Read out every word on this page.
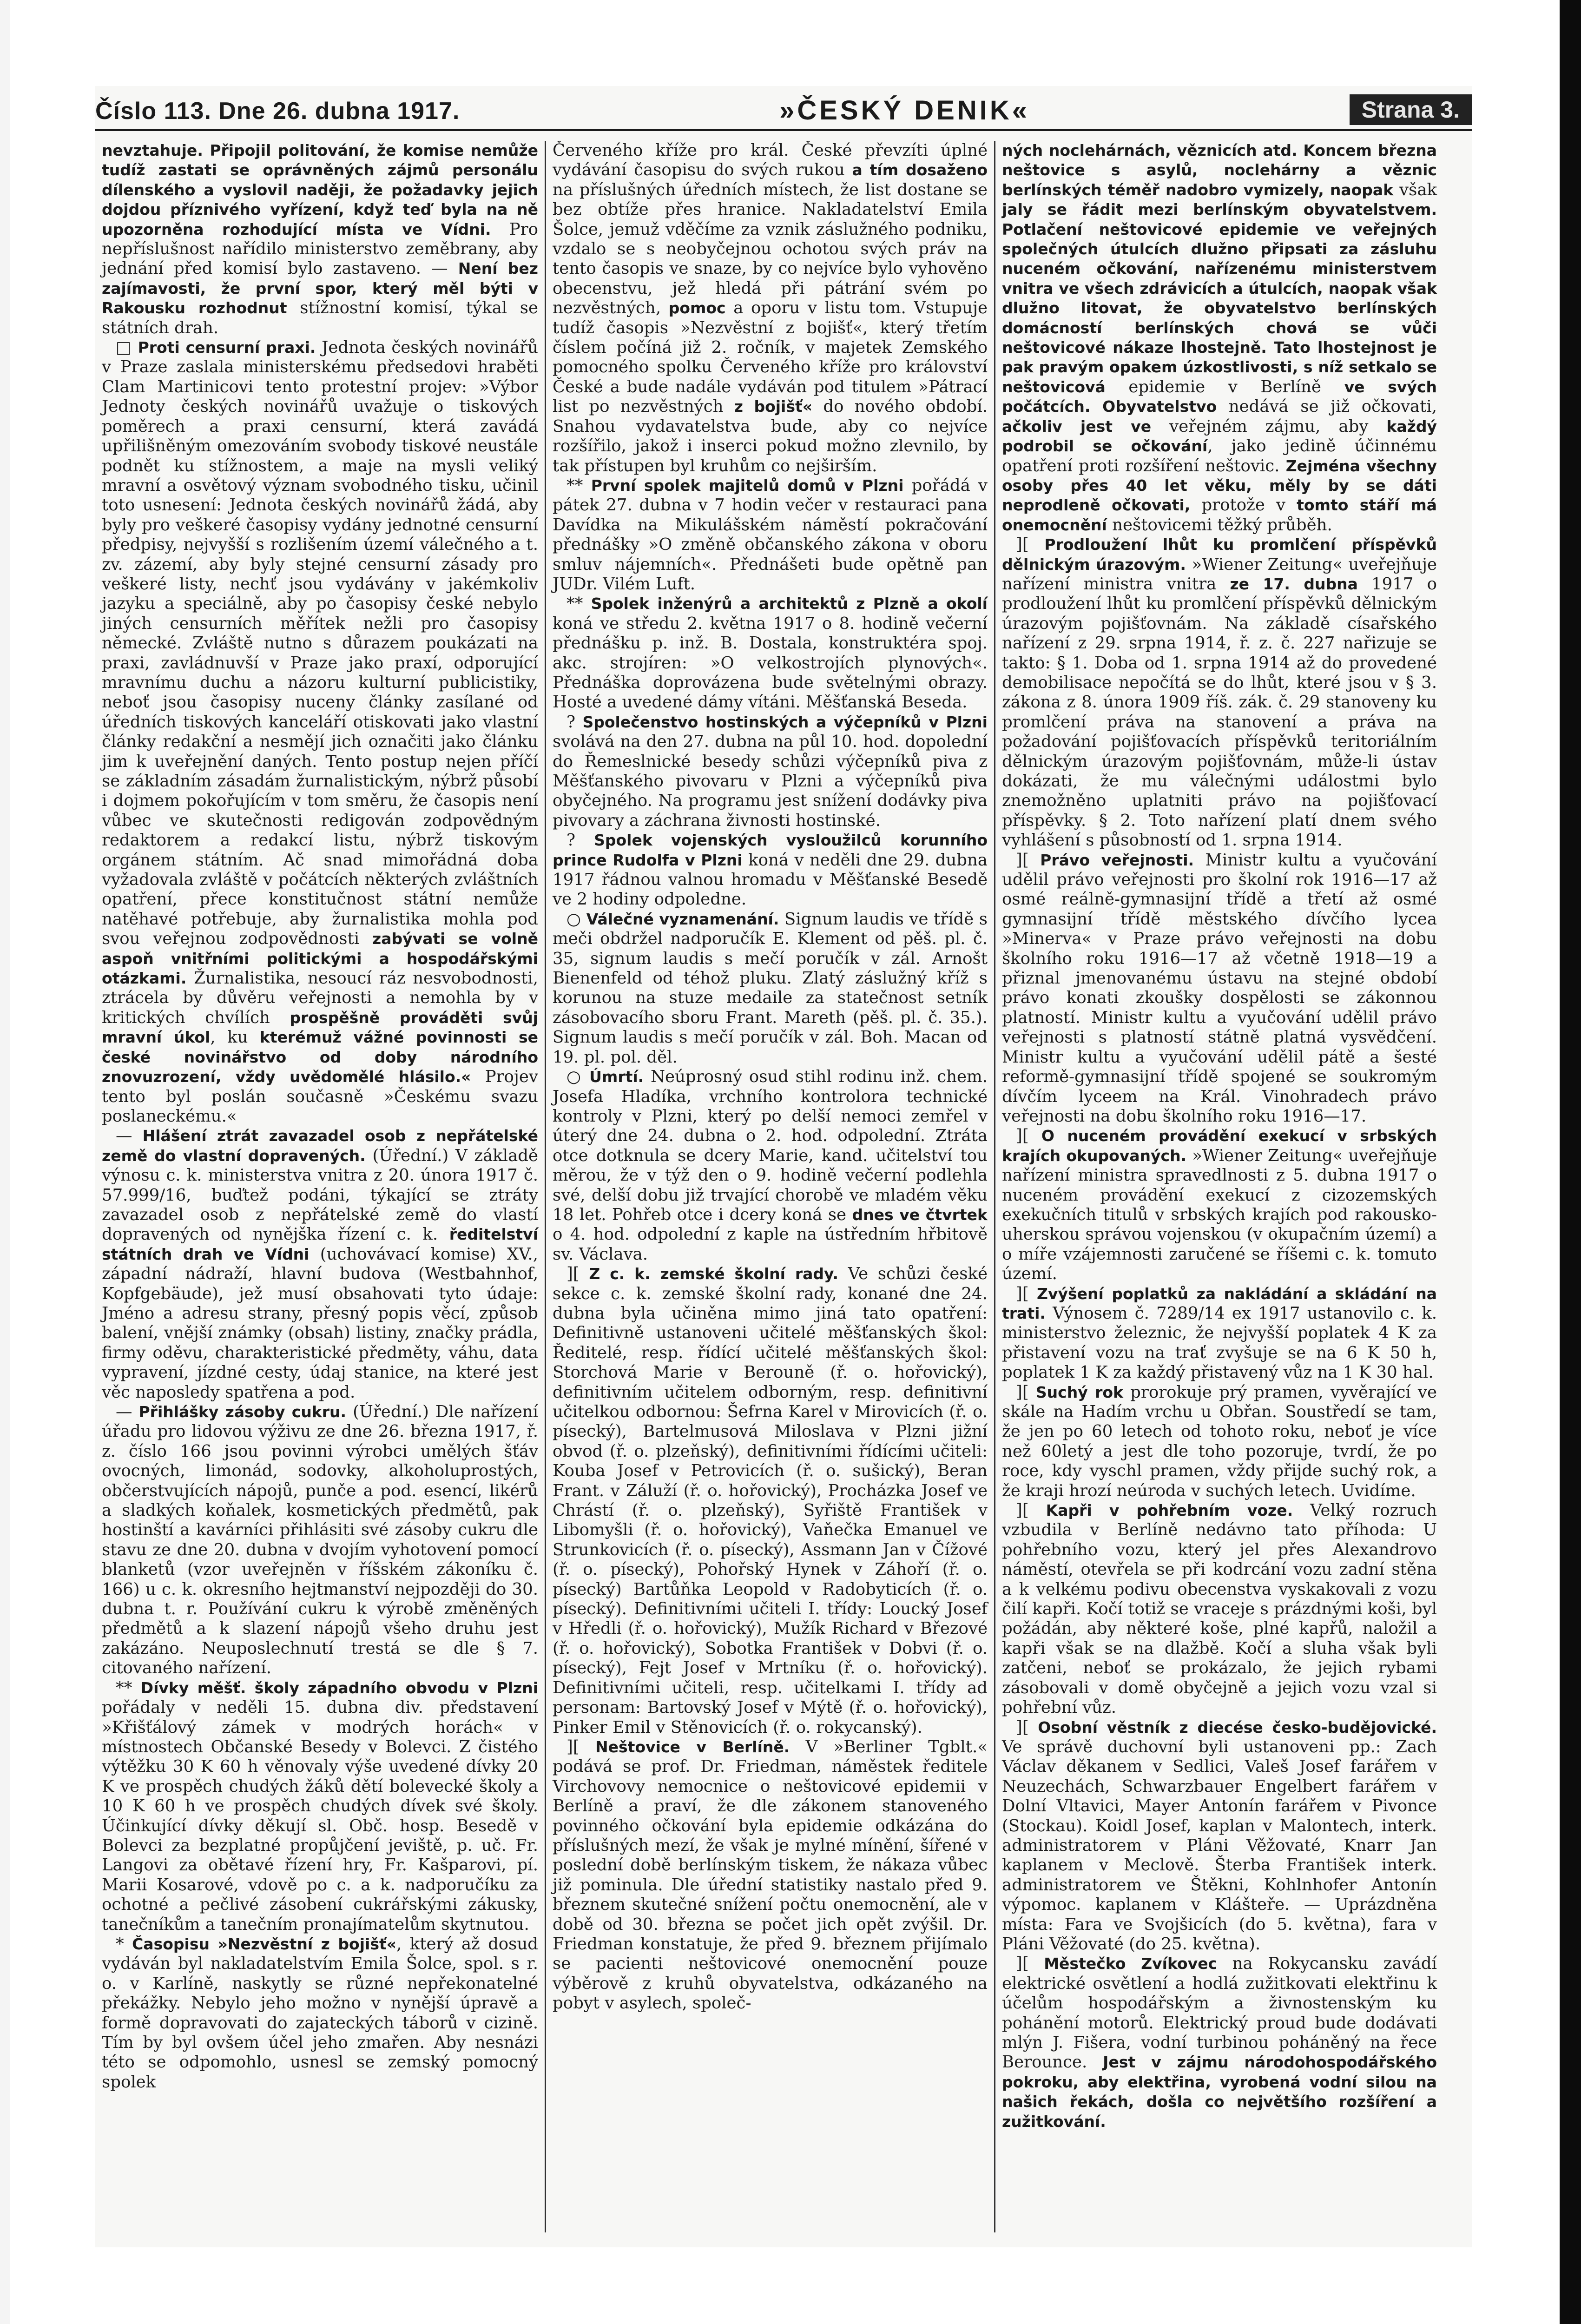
Číslo 113. Dne 26. dubna 1917.	»ČESKÝ DENIK«	Strana 3.

nevztahuje. Připojil politování, že komise nemůže tudíž zastati se oprávněných zájmů personálu dílenského a vyslovil naději, že požadavky jejich dojdou příznivého vyřízení, když teď byla na ně upozorněna rozhodující místa ve Vídni. Pro nepříslušnost nařídilo ministerstvo zeměbrany, aby jednání před komisí bylo zastaveno. — Není bez zajímavosti, že první spor, který měl býti v Rakousku rozhodnut stížnostní komisí, týkal se státních drah.

□ Proti censurní praxi. Jednota českých novinářů v Praze zaslala ministerskému předsedovi hraběti Clam Martinicovi tento protestní projev: »Výbor Jednoty českých novinářů uvažuje o tiskových poměrech a praxi censurní, která zavádá upřilišněným omezováním svobody tiskové neustále podnět ku stížnostem, a maje na mysli veliký mravní a osvětový význam svobodného tisku, učinil toto usnesení: Jednota českých novinářů žádá, aby byly pro veškeré časopisy vydány jednotné censurní předpisy, nejvyšší s rozlišením území válečného a t. zv. zázemí, aby byly stejné censurní zásady pro veškeré listy, nechť jsou vydávány v jakémkoliv jazyku a speciálně, aby po časopisy české nebylo jiných censurních měřítek nežli pro časopisy německé. Zvláště nutno s důrazem poukázati na praxi, zavládnuvší v Praze jako praxí, odporující mravnímu duchu a názoru kulturní publicistiky, neboť jsou časopisy nuceny články zasílané od úředních tiskových kanceláří otiskovati jako vlastní články redakční a nesmějí jich označiti jako článku jim k uveřejnění daných. Tento postup nejen příčí se základním zásadám žurnalistickým, nýbrž působí i dojmem pokořujícím v tom směru, že časopis není vůbec ve skutečnosti redigován zodpovědným redaktorem a redakcí listu, nýbrž tiskovým orgánem státním. Ač snad mimořádná doba vyžadovala zvláště v počátcích některých zvláštních opatření, přece konstitučnost státní nemůže natěhavé potřebuje, aby žurnalistika mohla pod svou veřejnou zodpovědnosti zabývati se volně aspoň vnitřními politickými a hospodářskými otázkami. Žurnalistika, nesoucí ráz nesvobodnosti, ztrácela by důvěru veřejnosti a nemohla by v kritických chvílích prospěšně prováděti svůj mravní úkol, ku kterémuž vážné povinnosti se české novinářstvo od doby národního znovuzrození, vždy uvědomělé hlásilo.« Projev tento byl poslán současně »Českému svazu poslaneckému.«

— Hlášení ztrát zavazadel osob z nepřátelské země do vlastní dopravených. (Úřední.) V základě výnosu c. k. ministerstva vnitra z 20. února 1917 č. 57.999/16, buďtež podáni, týkající se ztráty zavazadel osob z nepřátelské země do vlastí dopravených od nynějška řízení c. k. ředitelství státních drah ve Vídni (uchovávací komise) XV., západní nádraží, hlavní budova (Westbahnhof, Kopfgebäude), jež musí obsahovati tyto údaje: Jméno a adresu strany, přesný popis věcí, způsob balení, vnější známky (obsah) listiny, značky prádla, firmy oděvu, charakteristické předměty, váhu, data vypravení, jízdné cesty, údaj stanice, na které jest věc naposledy spatřena a pod.

— Přihlášky zásoby cukru. (Úřední.) Dle nařízení úřadu pro lidovou výživu ze dne 26. března 1917, ř. z. číslo 166 jsou povinni výrobci umělých šťáv ovocných, limonád, sodovky, alkoholuprostých, občerstvujících nápojů, punče a pod. esencí, likérů a sladkých koňalek, kosmetických předmětů, pak hostinští a kavárníci přihlásiti své zásoby cukru dle stavu ze dne 20. dubna v dvojím vyhotovení pomocí blanketů (vzor uveřejněn v říšském zákoníku č. 166) u c. k. okresního hejtmanství nejpozději do 30. dubna t. r. Používání cukru k výrobě změněných předmětů a k slazení nápojů všeho druhu jest zakázáno. Neuposlechnutí trestá se dle § 7. citovaného nařízení.

** Dívky měšť. školy západního obvodu v Plzni pořádaly v neděli 15. dubna div. představení »Křišťálový zámek v modrých horách« v místnostech Občanské Besedy v Bolevci. Z čistého výtěžku 30 K 60 h věnovaly výše uvedené dívky 20 K ve prospěch chudých žáků dětí bolevecké školy a 10 K 60 h ve prospěch chudých dívek své školy. Účinkující dívky děkují sl. Obč. hosp. Besedě v Bolevci za bezplatné propůjčení jeviště, p. uč. Fr. Langovi za obětavé řízení hry, Fr. Kašparovi, pí. Marii Kosarové, vdově po c. a k. nadporučíku za ochotné a pečlivé zásobení cukrářskými zákusky, tanečníkům a tanečním pronajímatelům skytnutou.

* Časopisu »Nezvěstní z bojišť«, který až dosud vydáván byl nakladatelstvím Emila Šolce, spol. s r. o. v Karlíně, naskytly se různé nepřekonatelné překážky. Nebylo jeho možno v nynější úpravě a formě dopravovati do zajateckých táborů v cizině. Tím by byl ovšem účel jeho zmařen. Aby nesnázi této se odpomohlo, usnesl se zemský pomocný spolek

Červeného kříže pro král. České převzíti úplné vydávání časopisu do svých rukou a tím dosaženo na příslušných úředních místech, že list dostane se bez obtíže přes hranice. Nakladatelství Emila Šolce, jemuž vděčíme za vznik záslužného podniku, vzdalo se s neobyčejnou ochotou svých práv na tento časopis ve snaze, by co nejvíce bylo vyhověno obecenstvu, jež hledá při pátrání svém po nezvěstných, pomoc a oporu v listu tom. Vstupuje tudíž časopis »Nezvěstní z bojišť«, který třetím číslem počíná již 2. ročník, v majetek Zemského pomocného spolku Červeného kříže pro království České a bude nadále vydáván pod titulem »Pátrací list po nezvěstných z bojišť« do nového období. Snahou vydavatelstva bude, aby co nejvíce rozšířilo, jakož i inserci pokud možno zlevnilo, by tak přístupen byl kruhům co nejširším.

** První spolek majitelů domů v Plzni pořádá v pátek 27. dubna v 7 hodin večer v restauraci pana Davídka na Mikulášském náměstí pokračování přednášky »O změně občanského zákona v oboru smluv nájemních«. Přednášeti bude opětně pan JUDr. Vilém Luft.

** Spolek inženýrů a architektů z Plzně a okolí koná ve středu 2. května 1917 o 8. hodině večerní přednášku p. inž. B. Dostala, konstruktéra spoj. akc. strojíren: »O velkostrojích plynových«. Přednáška doprovázena bude světelnými obrazy. Hosté a uvedené dámy vítáni. Měšťanská Beseda.

? Společenstvo hostinských a výčepníků v Plzni svolává na den 27. dubna na půl 10. hod. dopolední do Řemeslnické besedy schůzi výčepníků piva z Měšťanského pivovaru v Plzni a výčepníků piva obyčejného. Na programu jest snížení dodávky piva pivovary a záchrana živnosti hostinské.

? Spolek vojenských vysloužilců korunního prince Rudolfa v Plzni koná v neděli dne 29. dubna 1917 řádnou valnou hromadu v Měšťanské Besedě ve 2 hodiny odpoledne.

○ Válečné vyznamenání. Signum laudis ve třídě s meči obdržel nadporučík E. Klement od pěš. pl. č. 35, signum laudis s mečí poručík v zál. Arnošt Bienenfeld od téhož pluku. Zlatý záslužný kříž s korunou na stuze medaile za statečnost setník zásobovacího sboru Frant. Mareth (pěš. pl. č. 35.). Signum laudis s mečí poručík v zál. Boh. Macan od 19. pl. pol. děl.

○ Úmrtí. Neúprosný osud stihl rodinu inž. chem. Josefa Hladíka, vrchního kontrolora technické kontroly v Plzni, který po delší nemoci zemřel v úterý dne 24. dubna o 2. hod. odpolední. Ztráta otce dotknula se dcery Marie, kand. učitelství tou měrou, že v týž den o 9. hodině večerní podlehla své, delší dobu již trvající chorobě ve mladém věku 18 let. Pohřeb otce i dcery koná se dnes ve čtvrtek o 4. hod. odpolední z kaple na ústředním hřbitově sv. Václava.

][ Z c. k. zemské školní rady. Ve schůzi české sekce c. k. zemské školní rady, konané dne 24. dubna byla učiněna mimo jiná tato opatření: Definitivně ustanoveni učitelé měšťanských škol: Ředitelé, resp. řídící učitelé měšťanských škol: Storchová Marie v Berouně (ř. o. hořovický), definitivním učitelem odborným, resp. definitivní učitelkou odbornou: Šefrna Karel v Mirovicích (ř. o. písecký), Bartelmusová Miloslava v Plzni jižní obvod (ř. o. plzeňský), definitivními řídícími učiteli: Kouba Josef v Petrovicích (ř. o. sušický), Beran Frant. v Záluží (ř. o. hořovický), Procházka Josef ve Chrástí (ř. o. plzeňský), Syřiště František v Libomyšli (ř. o. hořovický), Vaňečka Emanuel ve Strunkovicích (ř. o. písecký), Assmann Jan v Čížové (ř. o. písecký), Pohořský Hynek v Záhoří (ř. o. písecký) Bartůňka Leopold v Radobyticích (ř. o. písecký). Definitivními učiteli I. třídy: Loucký Josef v Hředli (ř. o. hořovický), Mužík Richard v Březové (ř. o. hořovický), Sobotka František v Dobvi (ř. o. písecký), Fejt Josef v Mrtníku (ř. o. hořovický). Definitivními učiteli, resp. učitelkami I. třídy ad personam: Bartovský Josef v Mýtě (ř. o. hořovický), Pinker Emil v Stěnovicích (ř. o. rokycanský).

][ Neštovice v Berlíně. V »Berliner Tgblt.« podává se prof. Dr. Friedman, náměstek ředitele Virchovovy nemocnice o neštovicové epidemii v Berlíně a praví, že dle zákonem stanoveného povinného očkování byla epidemie odkázána do příslušných mezí, že však je mylné mínění, šířené v poslední době berlínským tiskem, že nákaza vůbec již pominula. Dle úřední statistiky nastalo před 9. březnem skutečné snížení počtu onemocnění, ale v době od 30. března se počet jich opět zvýšil. Dr. Friedman konstatuje, že před 9. březnem přijímalo se pacienti neštovicové onemocnění pouze výběrově z kruhů obyvatelstva, odkázaného na pobyt v asylech, společ-

ných noclehárnách, věznicích atd. Koncem března neštovice s asylů, noclehárny a věznic berlínských téměř nadobro vymizely, naopak však jaly se řádit mezi berlínským obyvatelstvem. Potlačení neštovicové epidemie ve veřejných společných útulcích dlužno připsati za zásluhu nuceném očkování, nařízenému ministerstvem vnitra ve všech zdrávicích a útulcích, naopak však dlužno litovat, že obyvatelstvo berlínských domácností berlínských chová se vůči neštovicové nákaze lhostejně. Tato lhostejnost je pak pravým opakem úzkostlivosti, s níž setkalo se neštovicová epidemie v Berlíně ve svých počátcích. Obyvatelstvo nedává se již očkovati, ačkoliv jest ve veřejném zájmu, aby každý podrobil se očkování, jako jedině účinnému opatření proti rozšíření neštovic. Zejména všechny osoby přes 40 let věku, měly by se dáti neprodleně očkovati, protože v tomto stáří má onemocnění neštovicemi těžký průběh.

][ Prodloužení lhůt ku promlčení příspěvků dělnickým úrazovým. »Wiener Zeitung« uveřejňuje nařízení ministra vnitra ze 17. dubna 1917 o prodloužení lhůt ku promlčení příspěvků dělnickým úrazovým pojišťovnám. Na základě císařského nařízení z 29. srpna 1914, ř. z. č. 227 nařizuje se takto: § 1. Doba od 1. srpna 1914 až do provedené demobilisace nepočítá se do lhůt, které jsou v § 3. zákona z 8. února 1909 říš. zák. č. 29 stanoveny ku promlčení práva na stanovení a práva na požadování pojišťovacích příspěvků teritoriálním dělnickým úrazovým pojišťovnám, může-li ústav dokázati, že mu válečnými událostmi bylo znemožněno uplatniti právo na pojišťovací příspěvky. § 2. Toto nařízení platí dnem svého vyhlášení s působností od 1. srpna 1914.

][ Právo veřejnosti. Ministr kultu a vyučování udělil právo veřejnosti pro školní rok 1916—17 až osmé reálně-gymnasijní třídě a třetí až osmé gymnasijní třídě městského dívčího lycea »Minerva« v Praze právo veřejnosti na dobu školního roku 1916—17 až včetně 1918—19 a přiznal jmenovanému ústavu na stejné období právo konati zkoušky dospělosti se zákonnou platností. Ministr kultu a vyučování udělil právo veřejnosti s platností státně platná vysvědčení. Ministr kultu a vyučování udělil pátě a šesté reformě-gymnasijní třídě spojené se soukromým dívčím lyceem na Král. Vinohradech právo veřejnosti na dobu školního roku 1916—17.

][ O nuceném provádění exekucí v srbských krajích okupovaných. »Wiener Zeitung« uveřejňuje nařízení ministra spravedlnosti z 5. dubna 1917 o nuceném provádění exekucí z cizozemských exekučních titulů v srbských krajích pod rakousko-uherskou správou vojenskou (v okupačním území) a o míře vzájemnosti zaručené se říšemi c. k. tomuto území.

][ Zvýšení poplatků za nakládání a skládání na trati. Výnosem č. 7289/14 ex 1917 ustanovilo c. k. ministerstvo železnic, že nejvyšší poplatek 4 K za přistavení vozu na trať zvyšuje se na 6 K 50 h, poplatek 1 K za každý přistavený vůz na 1 K 30 hal.

][ Suchý rok prorokuje prý pramen, vyvěrající ve skále na Hadím vrchu u Obřan. Soustředí se tam, že jen po 60 letech od tohoto roku, neboť je více než 60letý a jest dle toho pozoruje, tvrdí, že po roce, kdy vyschl pramen, vždy přijde suchý rok, a že kraji hrozí neúroda v suchých letech. Uvidíme.

][ Kapři v pohřebním voze. Velký rozruch vzbudila v Berlíně nedávno tato příhoda: U pohřebního vozu, který jel přes Alexandrovo náměstí, otevřela se při kodrcání vozu zadní stěna a k velkému podivu obecenstva vyskakovali z vozu čilí kapři. Kočí totiž se vraceje s prázdnými koši, byl požádán, aby některé koše, plné kapřů, naložil a kapři však se na dlažbě. Kočí a sluha však byli zatčeni, neboť se prokázalo, že jejich rybami zásobovali v domě obyčejně a jejich vozu vzal si pohřební vůz.

][ Osobní věstník z diecése česko-budějovické. Ve správě duchovní byli ustanoveni pp.: Zach Václav děkanem v Sedlici, Valeš Josef farářem v Neuzechách, Schwarzbauer Engelbert farářem v Dolní Vltavici, Mayer Antonín farářem v Pivonce (Stockau). Koidl Josef, kaplan v Malontech, interk. administratorem v Pláni Věžovaté, Knarr Jan kaplanem v Meclově. Šterba František interk. administratorem ve Štěkni, Kohlnhofer Antonín výpomoc. kaplanem v Klášteře. — Uprázdněna místa: Fara ve Svojšicích (do 5. května), fara v Pláni Věžovaté (do 25. května).

][ Městečko Zvíkovec na Rokycansku zavádí elektrické osvětlení a hodlá zužitkovati elektřinu k účelům hospodářským a živnostenským ku pohánění motorů. Elektrický proud bude dodávati mlýn J. Fišera, vodní turbinou poháněný na řece Berounce. Jest v zájmu národohospodářského pokroku, aby elektřina, vyrobená vodní silou na našich řekách, došla co největšího rozšíření a zužitkování.
